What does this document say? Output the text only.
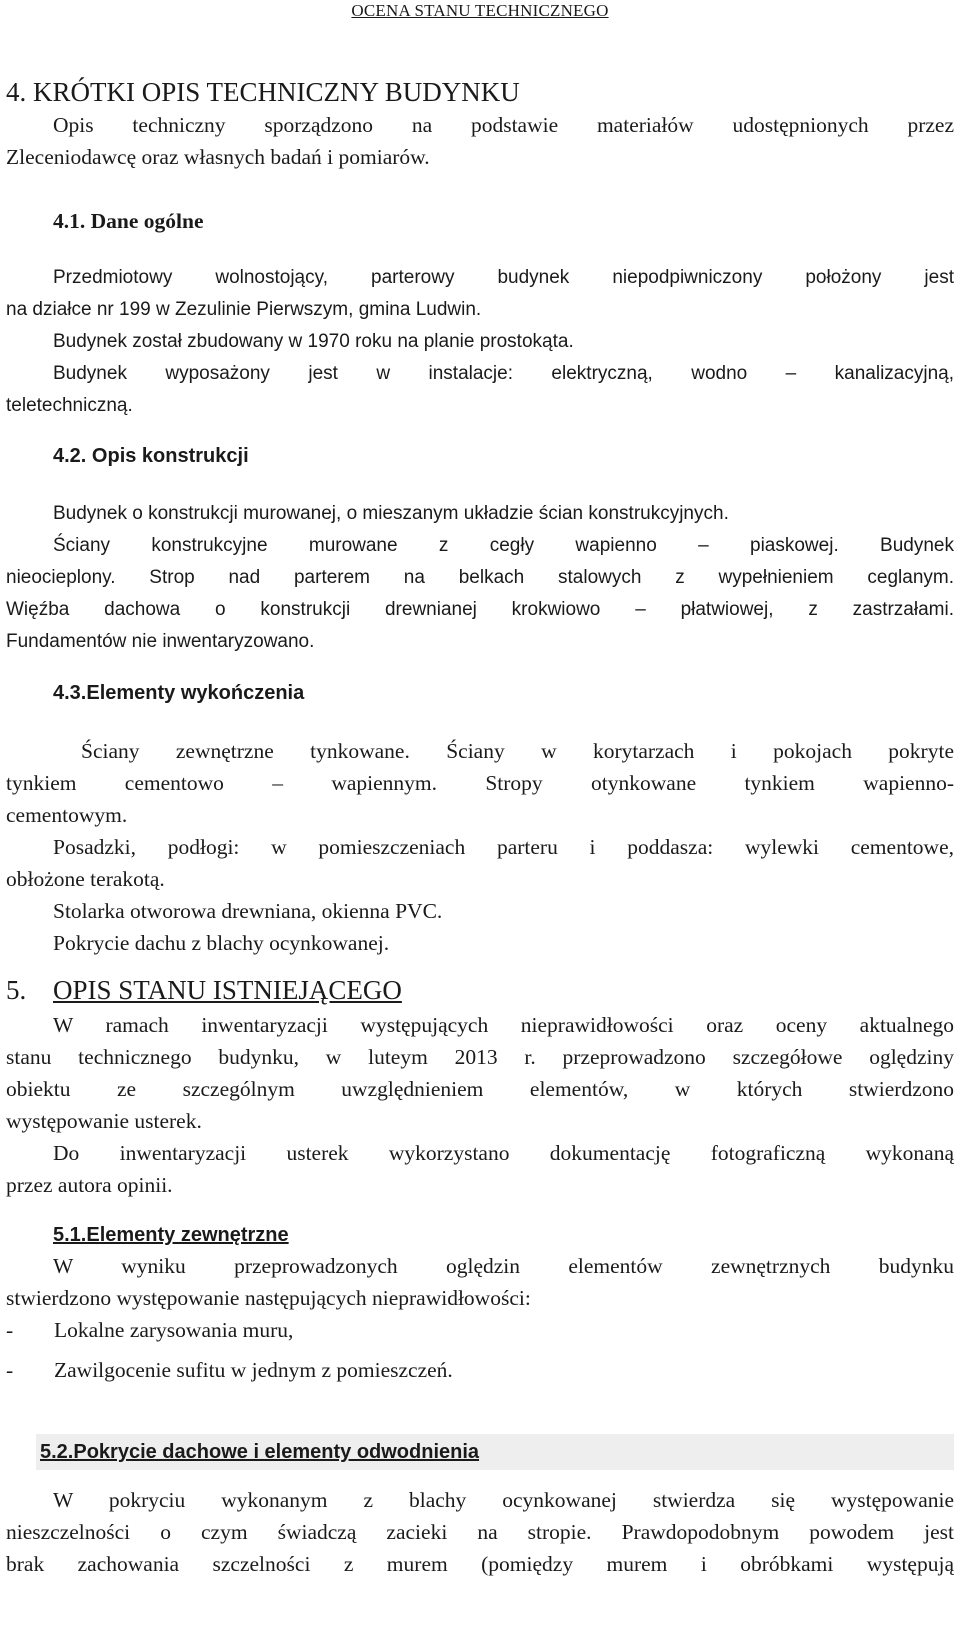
OCENA STANU TECHNICZNEGO
4. KRÓTKI OPIS TECHNICZNY BUDYNKU
Opis techniczny sporządzono na podstawie materiałów udostępnionych przez
Zleceniodawcę oraz własnych badań i pomiarów.
4.1. Dane ogólne
Przedmiotowy wolnostojący, parterowy budynek niepodpiwniczony położony jest
na działce nr 199 w Zezulinie Pierwszym, gmina Ludwin.
Budynek został zbudowany w 1970 roku na planie prostokąta.
Budynek wyposażony jest w instalacje: elektryczną, wodno – kanalizacyjną,
teletechniczną.
4.2. Opis konstrukcji
Budynek o konstrukcji murowanej, o mieszanym układzie ścian konstrukcyjnych.
Ściany konstrukcyjne murowane z cegły wapienno – piaskowej. Budynek
nieocieplony. Strop nad parterem na belkach stalowych z wypełnieniem ceglanym.
Więźba dachowa o konstrukcji drewnianej krokwiowo – płatwiowej, z zastrzałami.
Fundamentów nie inwentaryzowano.
4.3.Elementy wykończenia
Ściany zewnętrzne tynkowane. Ściany w korytarzach i pokojach pokryte
tynkiem cementowo – wapiennym. Stropy otynkowane tynkiem wapienno-
cementowym.
Posadzki, podłogi: w pomieszczeniach parteru i poddasza: wylewki cementowe,
obłożone terakotą.
Stolarka otworowa drewniana, okienna PVC.
Pokrycie dachu z blachy ocynkowanej.
5. OPIS STANU ISTNIEJĄCEGO
W ramach inwentaryzacji występujących nieprawidłowości oraz oceny aktualnego
stanu technicznego budynku, w luteym 2013 r. przeprowadzono szczegółowe oględziny
obiektu ze szczególnym uwzględnieniem elementów, w których stwierdzono
występowanie usterek.
Do inwentaryzacji usterek wykorzystano dokumentację fotograficzną wykonaną
przez autora opinii.
5.1.Elementy zewnętrzne
W wyniku przeprowadzonych oględzin elementów zewnętrznych budynku
stwierdzono występowanie następujących nieprawidłowości:
- Lokalne zarysowania muru,
- Zawilgocenie sufitu w jednym z pomieszczeń.
5.2.Pokrycie dachowe i elementy odwodnienia
W pokryciu wykonanym z blachy ocynkowanej stwierdza się występowanie
nieszczelności o czym świadczą zacieki na stropie. Prawdopodobnym powodem jest
brak zachowania szczelności z murem (pomiędzy murem i obróbkami występują
